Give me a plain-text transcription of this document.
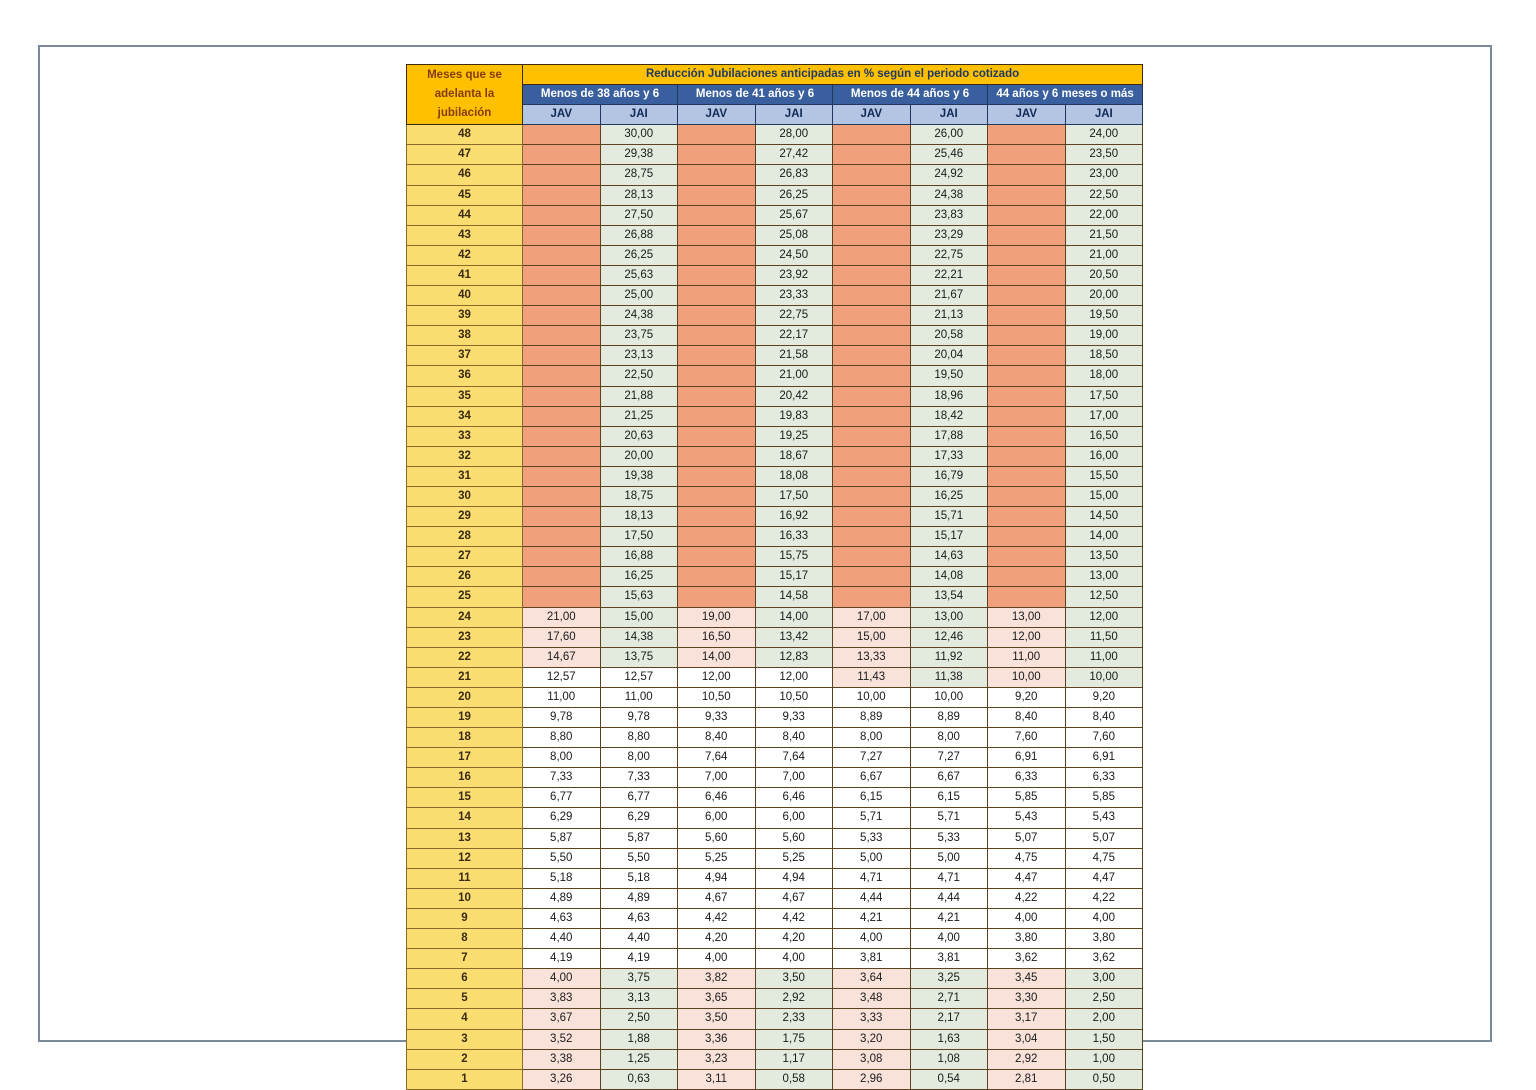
Meses que se
adelanta la
jubilación	Reducción Jubilaciones anticipadas en % según el periodo cotizado							
	Menos de 38 años y 6		Menos de 41 años y 6		Menos de 44 años y 6		44 años y 6 meses o más	
	JAV	JAI	JAV	JAI	JAV	JAI	JAV	JAI
48		30,00		28,00		26,00		24,00
47		29,38		27,42		25,46		23,50
46		28,75		26,83		24,92		23,00
45		28,13		26,25		24,38		22,50
44		27,50		25,67		23,83		22,00
43		26,88		25,08		23,29		21,50
42		26,25		24,50		22,75		21,00
41		25,63		23,92		22,21		20,50
40		25,00		23,33		21,67		20,00
39		24,38		22,75		21,13		19,50
38		23,75		22,17		20,58		19,00
37		23,13		21,58		20,04		18,50
36		22,50		21,00		19,50		18,00
35		21,88		20,42		18,96		17,50
34		21,25		19,83		18,42		17,00
33		20,63		19,25		17,88		16,50
32		20,00		18,67		17,33		16,00
31		19,38		18,08		16,79		15,50
30		18,75		17,50		16,25		15,00
29		18,13		16,92		15,71		14,50
28		17,50		16,33		15,17		14,00
27		16,88		15,75		14,63		13,50
26		16,25		15,17		14,08		13,00
25		15,63		14,58		13,54		12,50
24	21,00	15,00	19,00	14,00	17,00	13,00	13,00	12,00
23	17,60	14,38	16,50	13,42	15,00	12,46	12,00	11,50
22	14,67	13,75	14,00	12,83	13,33	11,92	11,00	11,00
21	12,57	12,57	12,00	12,00	11,43	11,38	10,00	10,00
20	11,00	11,00	10,50	10,50	10,00	10,00	9,20	9,20
19	9,78	9,78	9,33	9,33	8,89	8,89	8,40	8,40
18	8,80	8,80	8,40	8,40	8,00	8,00	7,60	7,60
17	8,00	8,00	7,64	7,64	7,27	7,27	6,91	6,91
16	7,33	7,33	7,00	7,00	6,67	6,67	6,33	6,33
15	6,77	6,77	6,46	6,46	6,15	6,15	5,85	5,85
14	6,29	6,29	6,00	6,00	5,71	5,71	5,43	5,43
13	5,87	5,87	5,60	5,60	5,33	5,33	5,07	5,07
12	5,50	5,50	5,25	5,25	5,00	5,00	4,75	4,75
11	5,18	5,18	4,94	4,94	4,71	4,71	4,47	4,47
10	4,89	4,89	4,67	4,67	4,44	4,44	4,22	4,22
9	4,63	4,63	4,42	4,42	4,21	4,21	4,00	4,00
8	4,40	4,40	4,20	4,20	4,00	4,00	3,80	3,80
7	4,19	4,19	4,00	4,00	3,81	3,81	3,62	3,62
6	4,00	3,75	3,82	3,50	3,64	3,25	3,45	3,00
5	3,83	3,13	3,65	2,92	3,48	2,71	3,30	2,50
4	3,67	2,50	3,50	2,33	3,33	2,17	3,17	2,00
3	3,52	1,88	3,36	1,75	3,20	1,63	3,04	1,50
2	3,38	1,25	3,23	1,17	3,08	1,08	2,92	1,00
1	3,26	0,63	3,11	0,58	2,96	0,54	2,81	0,50
